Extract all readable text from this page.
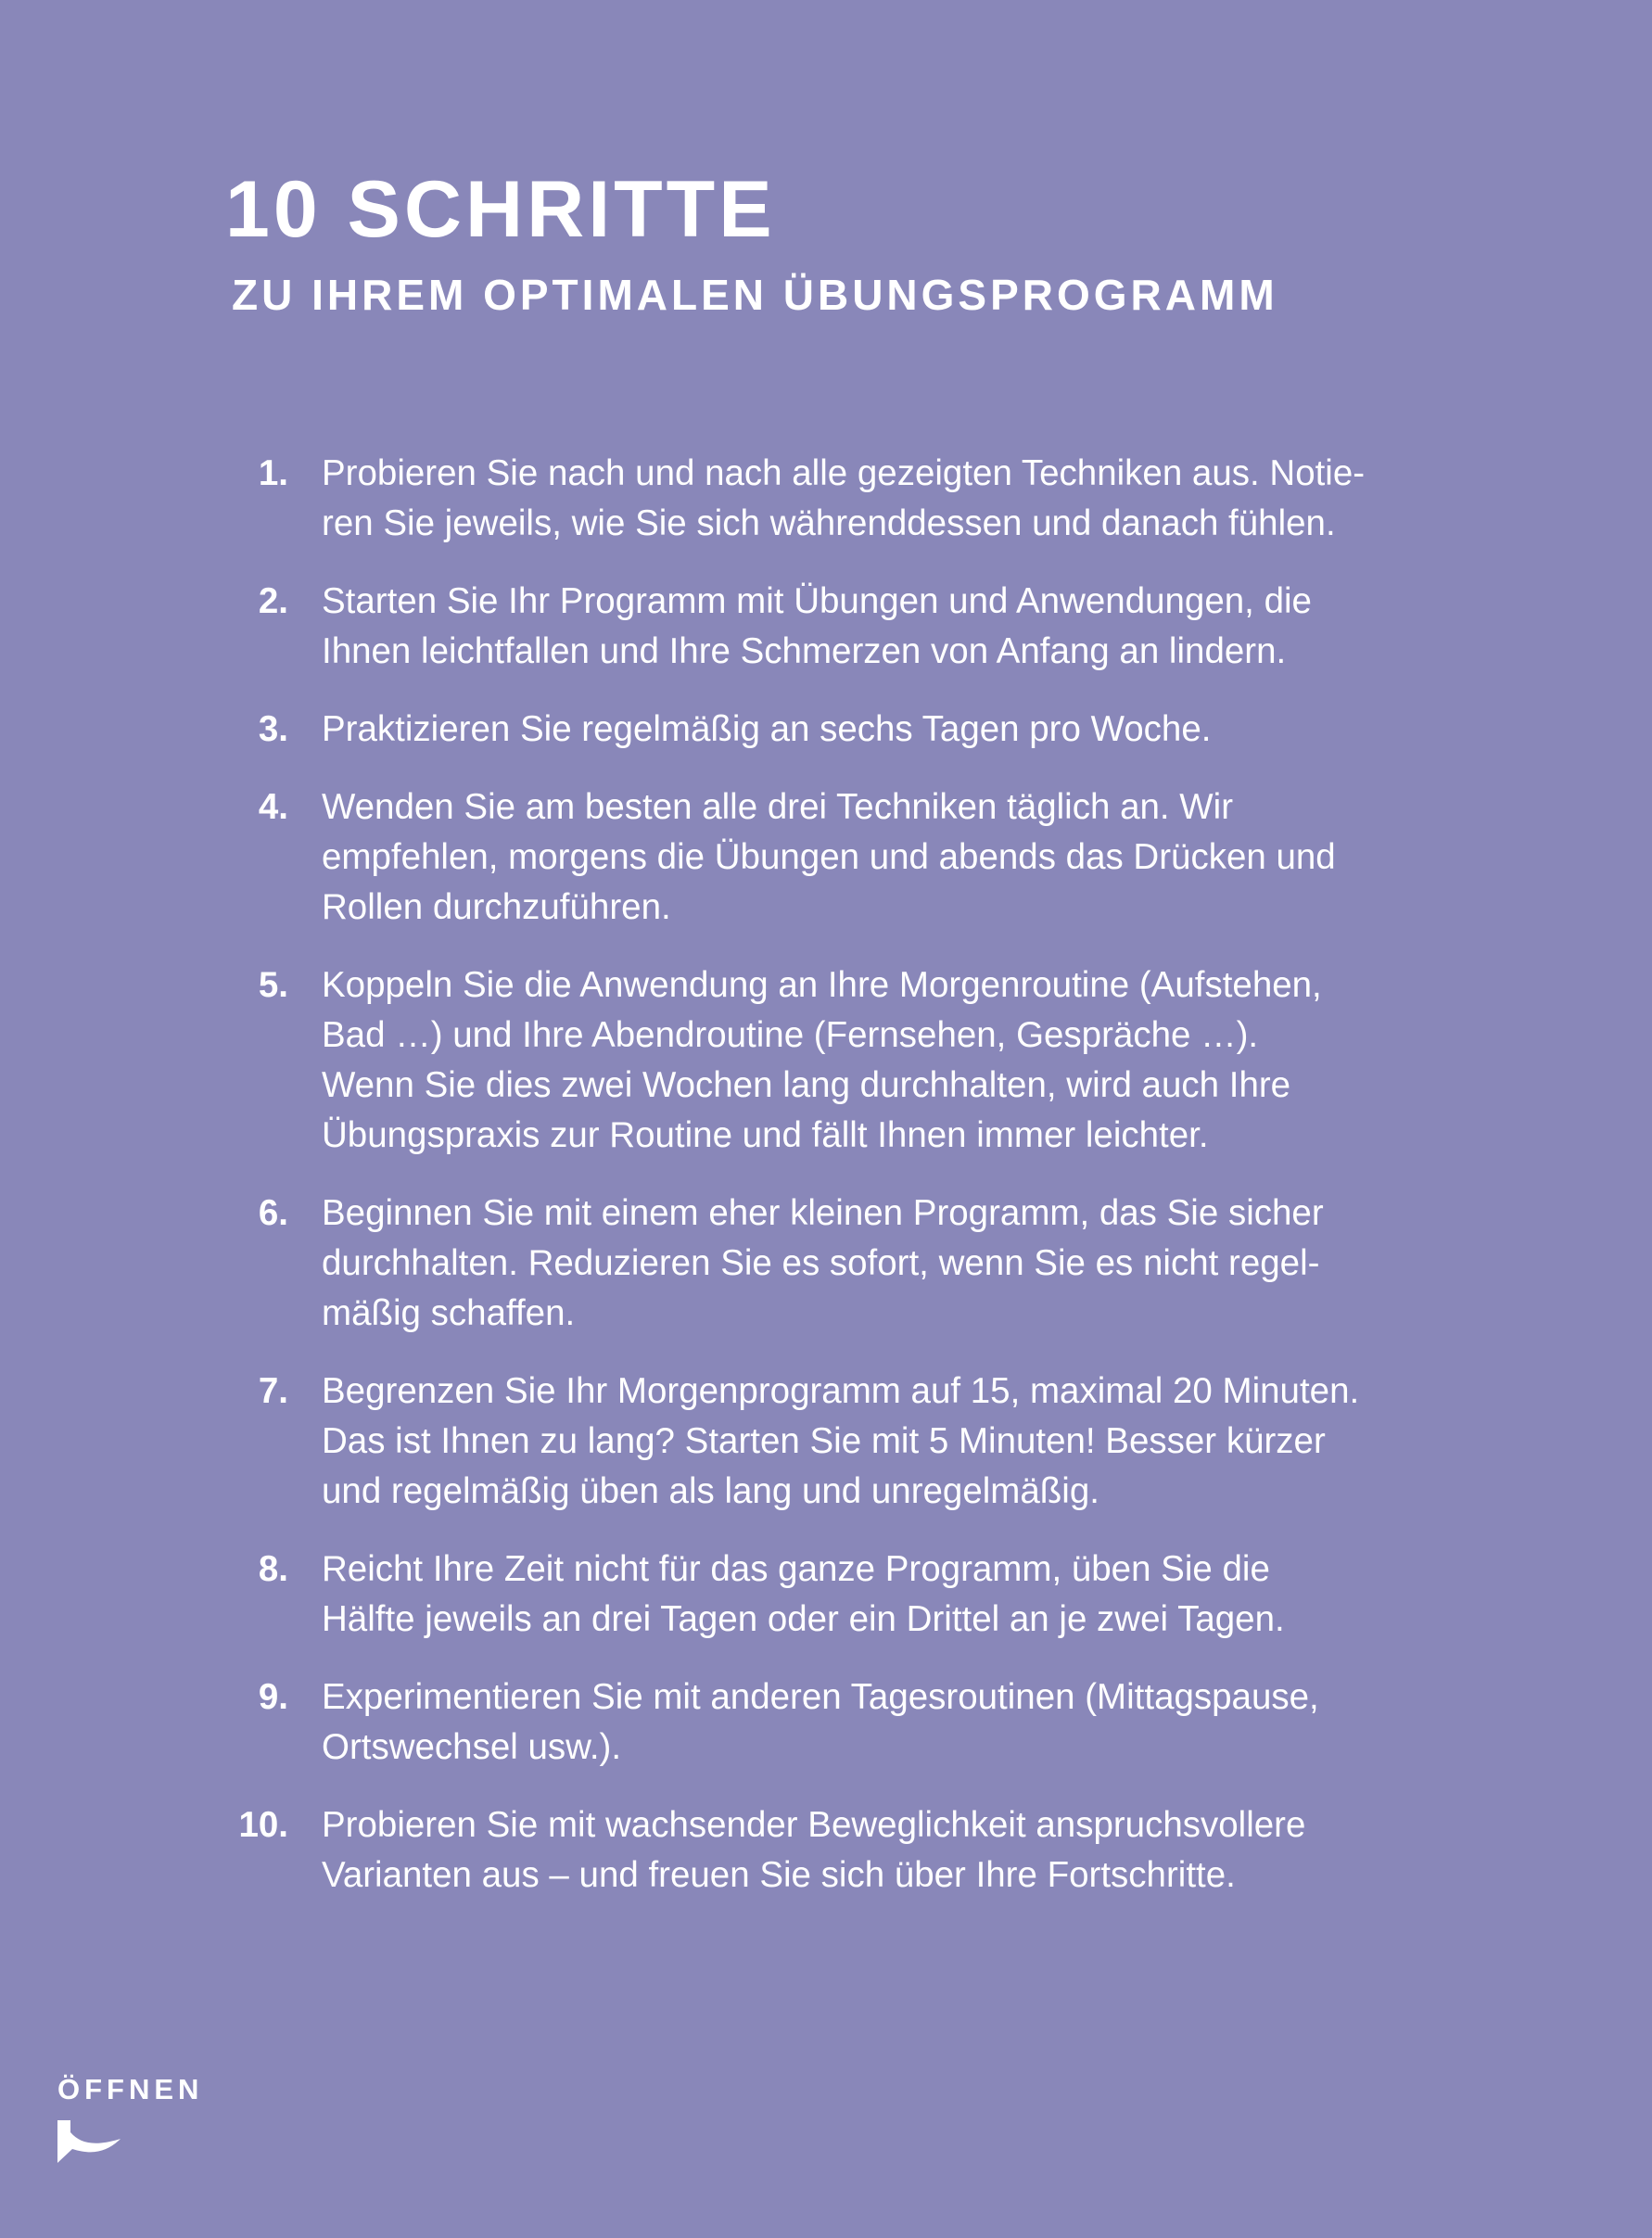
10 SCHRITTE
ZU IHREM OPTIMALEN ÜBUNGSPROGRAMM
1. Probieren Sie nach und nach alle gezeigten Techniken aus. Notie-
ren Sie jeweils, wie Sie sich währenddessen und danach fühlen.

2. Starten Sie Ihr Programm mit Übungen und Anwendungen, die
Ihnen leichtfallen und Ihre Schmerzen von Anfang an lindern.

3. Praktizieren Sie regelmäßig an sechs Tagen pro Woche.

4. Wenden Sie am besten alle drei Techniken täglich an. Wir
empfehlen, morgens die Übungen und abends das Drücken und
Rollen durchzuführen.

5. Koppeln Sie die Anwendung an Ihre Morgenroutine (Aufstehen,
Bad …) und Ihre Abendroutine (Fernsehen, Gespräche …).
Wenn Sie dies zwei Wochen lang durchhalten, wird auch Ihre
Übungspraxis zur Routine und fällt Ihnen immer leichter.

6. Beginnen Sie mit einem eher kleinen Programm, das Sie sicher
durchhalten. Reduzieren Sie es sofort, wenn Sie es nicht regel-
mäßig schaffen.

7. Begrenzen Sie Ihr Morgenprogramm auf 15, maximal 20 Minuten.
Das ist Ihnen zu lang? Starten Sie mit 5 Minuten! Besser kürzer
und regelmäßig üben als lang und unregelmäßig.

8. Reicht Ihre Zeit nicht für das ganze Programm, üben Sie die
Hälfte jeweils an drei Tagen oder ein Drittel an je zwei Tagen.

9. Experimentieren Sie mit anderen Tagesroutinen (Mittagspause,
Ortswechsel usw.).

10. Probieren Sie mit wachsender Beweglichkeit anspruchsvollere
Varianten aus – und freuen Sie sich über Ihre Fortschritte.

ÖFFNEN
